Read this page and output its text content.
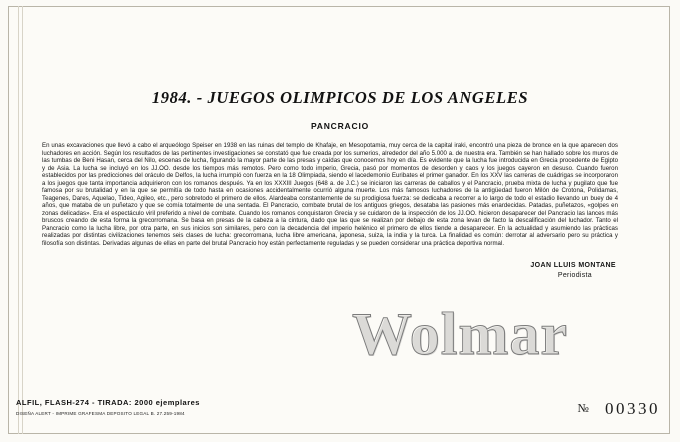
1984. - JUEGOS OLIMPICOS DE LOS ANGELES
PANCRACIO
En unas excavaciones que llevó a cabo el arqueólogo Speiser en 1938 en las ruinas del templo de Khafaje, en Mesopotamia, muy cerca de la capital iraki, encontró una pieza de bronce en la que aparecen dos luchadores en acción. Según los resultados de las pertinentes investigaciones se constató que fue creada por los sumerios, alrededor del año 5.000 a. de nuestra era. También se han hallado sobre los muros de las tumbas de Beni Hasan, cerca del Nilo, escenas de lucha, figurando la mayor parte de las presas y caídas que conocemos hoy en día. Es evidente que la lucha fue introducida en Grecia procedente de Egipto y de Asia. La lucha se incluyó en los JJ.OO. desde los tiempos más remotos. Pero como todo imperio, Grecia, pasó por momentos de desorden y caos y los juegos cayeron en desuso. Cuando fueron establecidos por las predicciones del oráculo de Delfos, la lucha irrumpió con fuerza en la 18 Olimpiada, siendo el lacedemonio Euribates el primer ganador. En los XXV las carreras de cuádrigas se incorporaron a los juegos que tanta importancia adquirieron con los romanos después. Ya en los XXXIII Juegos (648 a. de J.C.) se iniciaron las carreras de caballos y el Pancracio, prueba mixta de lucha y pugilato que fue famosa por su brutalidad y en la que se permitía de todo hasta en ocasiones accidentalmente ocurrió alguna muerte. Los más famosos luchadores de la antigüedad fueron Milón de Crotona, Polidamas, Teagenes, Dares, Aquelao, Tideo, Agileo, etc., pero sobretodo el primero de ellos. Alardeaba constantemente de su prodigiosa fuerza: se dedicaba a recorrer a lo largo de todo el estadio llevando un buey de 4 años, que mataba de un puñetazo y que se comía totalmente de una sentada. El Pancracio, combate brutal de los antiguos griegos, desataba las pasiones más enardecidas. Patadas, puñetazos, «golpes en zonas delicadas». Era el espectáculo viril preferido a nivel de combate. Cuando los romanos conquistaron Grecia y se cuidaron de la inspección de los JJ.OO. hicieron desaparecer del Pancracio las lances más bruscos creando de esta forma la grecorromana. Se basa en presas de la cabeza a la cintura, dado que las que se realizan por debajo de esta zona levan de facto la descalificación del luchador. Tanto el Pancracio como la lucha libre, por otra parte, en sus inicios son similares, pero con la decadencia del imperio helénico el primero de ellos tiende a desaparecer. En la actualidad y asumiendo las prácticas realizadas por distintas civilizaciones tenemos seis clases de lucha: grecorromana, lucha libre americana, japonesa, suiza, la india y la turca. La finalidad es común: derrotar al adversario pero su práctica y filosofía son distintas. Derivadas algunas de ellas en parte del brutal Pancracio hoy están perfectamente reguladas y se pueden considerar una práctica deportiva normal.
JOAN LLUIS MONTANE
Periodista
ALFIL, FLASH-274 - TIRADA: 2000 ejemplares
DISEÑA ALERT - IMPRIME GRAFESMA DEPOSITO LEGAL B. 27.259-1984	№ 00330
